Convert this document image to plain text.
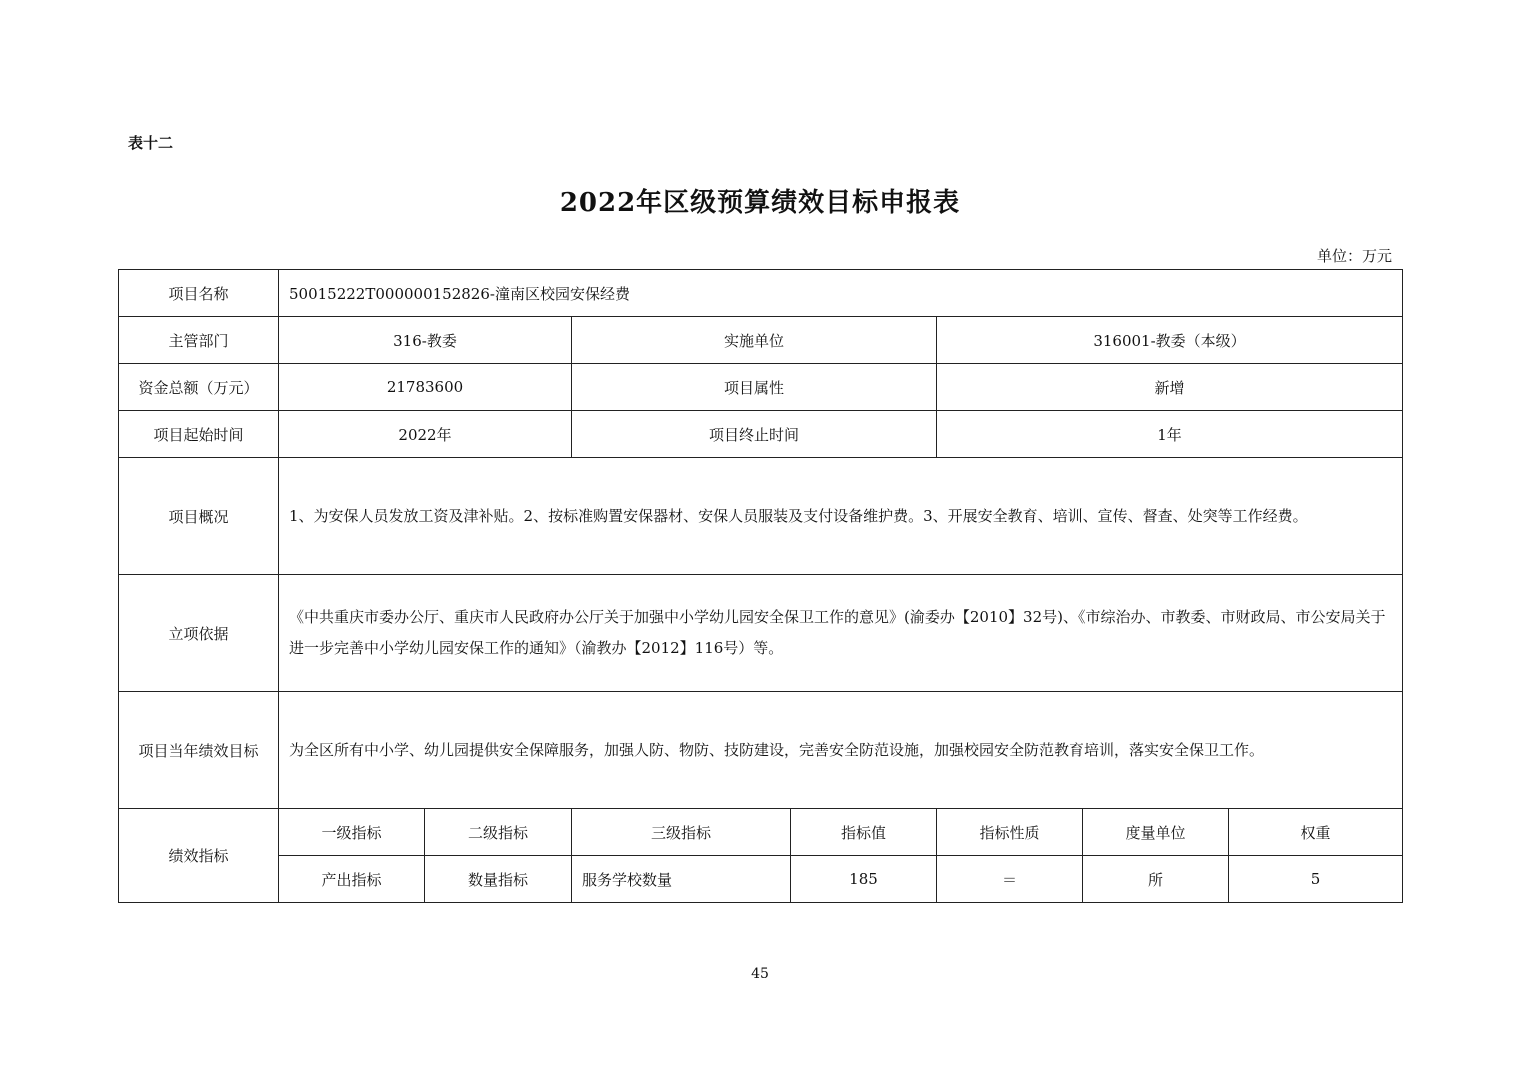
表十二
2022年区级预算绩效目标申报表
单位：万元
项目名称	50015222T000000152826-潼南区校园安保经费						
主管部门	316-教委		实施单位		316001-教委（本级）		
资金总额（万元）	21783600		项目属性		新增		
项目起始时间	2022年		项目终止时间		1年		
项目概况	1、为安保人员发放工资及津补贴。2、按标准购置安保器材、安保人员服装及支付设备维护费。3、开展安全教育、培训、宣传、督查、处突等工作经费。						
立项依据	《中共重庆市委办公厅、重庆市人民政府办公厅关于加强中小学幼儿园安全保卫工作的意见》(渝委办【2010】32号)、《市综治办、市教委、市财政局、市公安局关于进一步完善中小学幼儿园安保工作的通知》（渝教办【2012】116号）等。						
项目当年绩效目标	为全区所有中小学、幼儿园提供安全保障服务，加强人防、物防、技防建设，完善安全防范设施，加强校园安全防范教育培训，落实安全保卫工作。						
绩效指标	一级指标	二级指标	三级指标	指标值	指标性质	度量单位	权重
	产出指标	数量指标	服务学校数量	185	＝	所	5
45
